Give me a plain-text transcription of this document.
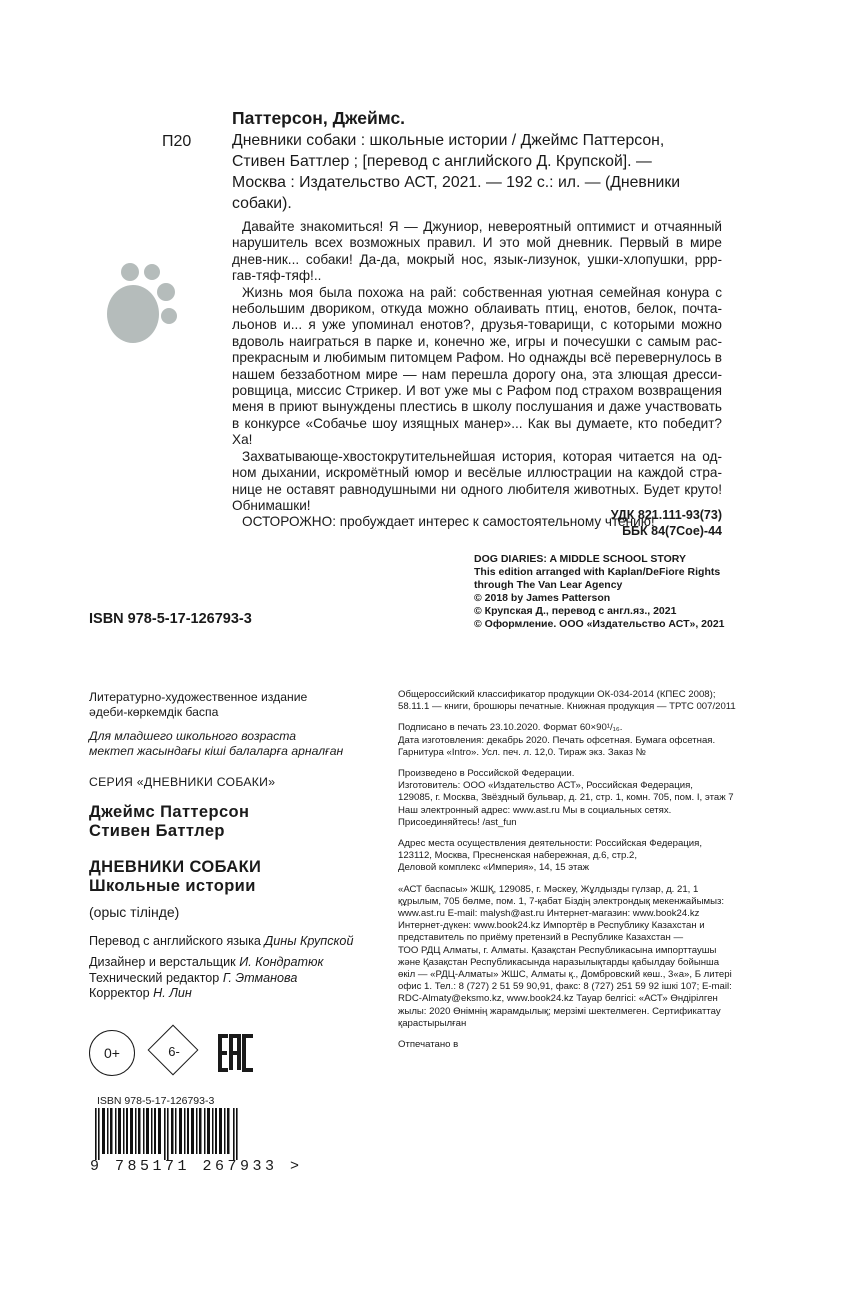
Паттерсон, Джеймс.
П20	Дневники собаки : школьные истории / Джеймс Паттерсон,
Стивен Баттлер ; [перевод с английского Д. Крупской]. —
Москва : Издательство АСТ, 2021. — 192 с.: ил. — (Дневники
собаки).

Давайте знакомиться! Я — Джуниор, невероятный оптимист и отчаянный нарушитель всех возможных правил. И это мой дневник. Первый в мире днев-ник... собаки! Да-да, мокрый нос, язык-лизунок, ушки-хлопушки, ррр-гав-тяф-тяф!..

Жизнь моя была похожа на рай: собственная уютная семейная конура с небольшим двориком, откуда можно облаивать птиц, енотов, белок, почта-льонов и... я уже упоминал енотов?, друзья-товарищи, с которыми можно вдоволь наиграться в парке и, конечно же, игры и почесушки с самым рас-прекрасным и любимым питомцем Рафом. Но однажды всё перевернулось в нашем беззаботном мире — нам перешла дорогу она, эта злющая дресси-ровщица, миссис Стрикер. И вот уже мы с Рафом под страхом возвращения меня в приют вынуждены плестись в школу послушания и даже участвовать в конкурсе «Собачье шоу изящных манер»... Как вы думаете, кто победит? Ха!

Захватывающе-хвостокрутительнейшая история, которая читается на од-ном дыхании, искромётный юмор и весёлые иллюстрации на каждой стра-нице не оставят равнодушными ни одного любителя животных. Будет круто! Обнимашки!

ОСТОРОЖНО: пробуждает интерес к самостоятельному чтению!

УДК 821.111-93(73)
ББК 84(7Сое)-44
DOG DIARIES: A MIDDLE SCHOOL STORY
This edition arranged with Kaplan/DeFiore Rights
through The Van Lear Agency
© 2018 by James Patterson
© Крупская Д., перевод с англ.яз., 2021
© Оформление. ООО «Издательство АСТ», 2021
ISBN 978-5-17-126793-3
Литературно-художественное издание
әдеби-көркемдік баспа
Для младшего школьного возраста
мектеп жасындағы кіші балаларға арналған
СЕРИЯ «ДНЕВНИКИ СОБАКИ»
Джеймс Паттерсон
Стивен Баттлер
ДНЕВНИКИ СОБАКИ
Школьные истории
(орыс тілінде)
Перевод с английского языка Дины Крупской
Дизайнер и верстальщик И. Кондратюк
Технический редактор Г. Этманова
Корректор Н. Лин
Общероссийский классификатор продукции ОК-034-2014 (КПЕС 2008);
58.11.1 — книги, брошюры печатные. Книжная продукция — ТРТС 007/2011
Подписано в печать 23.10.2020. Формат 60×90¹/₁₆.
Дата изготовления: декабрь 2020. Печать офсетная. Бумага офсетная.
Гарнитура «Intro». Усл. печ. л. 12,0. Тираж экз. Заказ №
Произведено в Российской Федерации.
Изготовитель: ООО «Издательство АСТ», Российская Федерация,
129085, г. Москва, Звёздный бульвар, д. 21, стр. 1, комн. 705, пом. I, этаж 7
Наш электронный адрес: www.ast.ru Мы в социальных сетях.
Присоединяйтесь! /ast_fun
Адрес места осуществления деятельности: Российская Федерация,
123112, Москва, Пресненская набережная, д.6, стр.2,
Деловой комплекс «Империя», 14, 15 этаж
«АСТ баспасы» ЖШҚ, 129085, г. Мәскеу, Жұлдызды гүлзар, д. 21, 1
құрылым, 705 бөлме, пом. 1, 7-қабат Біздің электрондық мекенжайымыз:
www.ast.ru E-mail: malysh@ast.ru Интернет-магазин: www.book24.kz
Интернет-дүкен: www.book24.kz Импортёр в Республику Казахстан и
представитель по приёму претензий в Республике Казахстан —
ТОО РДЦ Алматы, г. Алматы. Қазақстан Республикасына импорттаушы
және Қазақстан Республикасында наразылықтарды қабылдау бойынша
өкіл — «РДЦ-Алматы» ЖШС, Алматы қ., Домбровский көш., 3«а», Б литері
офис 1. Тел.: 8 (727) 2 51 59 90,91, факс: 8 (727) 251 59 92 ішкі 107; E-mail:
RDC-Almaty@eksmo.kz, www.book24.kz Тауар белгісі: «АСТ» Өндірілген
жылы: 2020 Өнімнің жарамдылық; мерзімі шектелмеген. Сертификаттау
қарастырылған
Отпечатано в
0+	6-
ISBN 978-5-17-126793-3
9 785171 267933 >
